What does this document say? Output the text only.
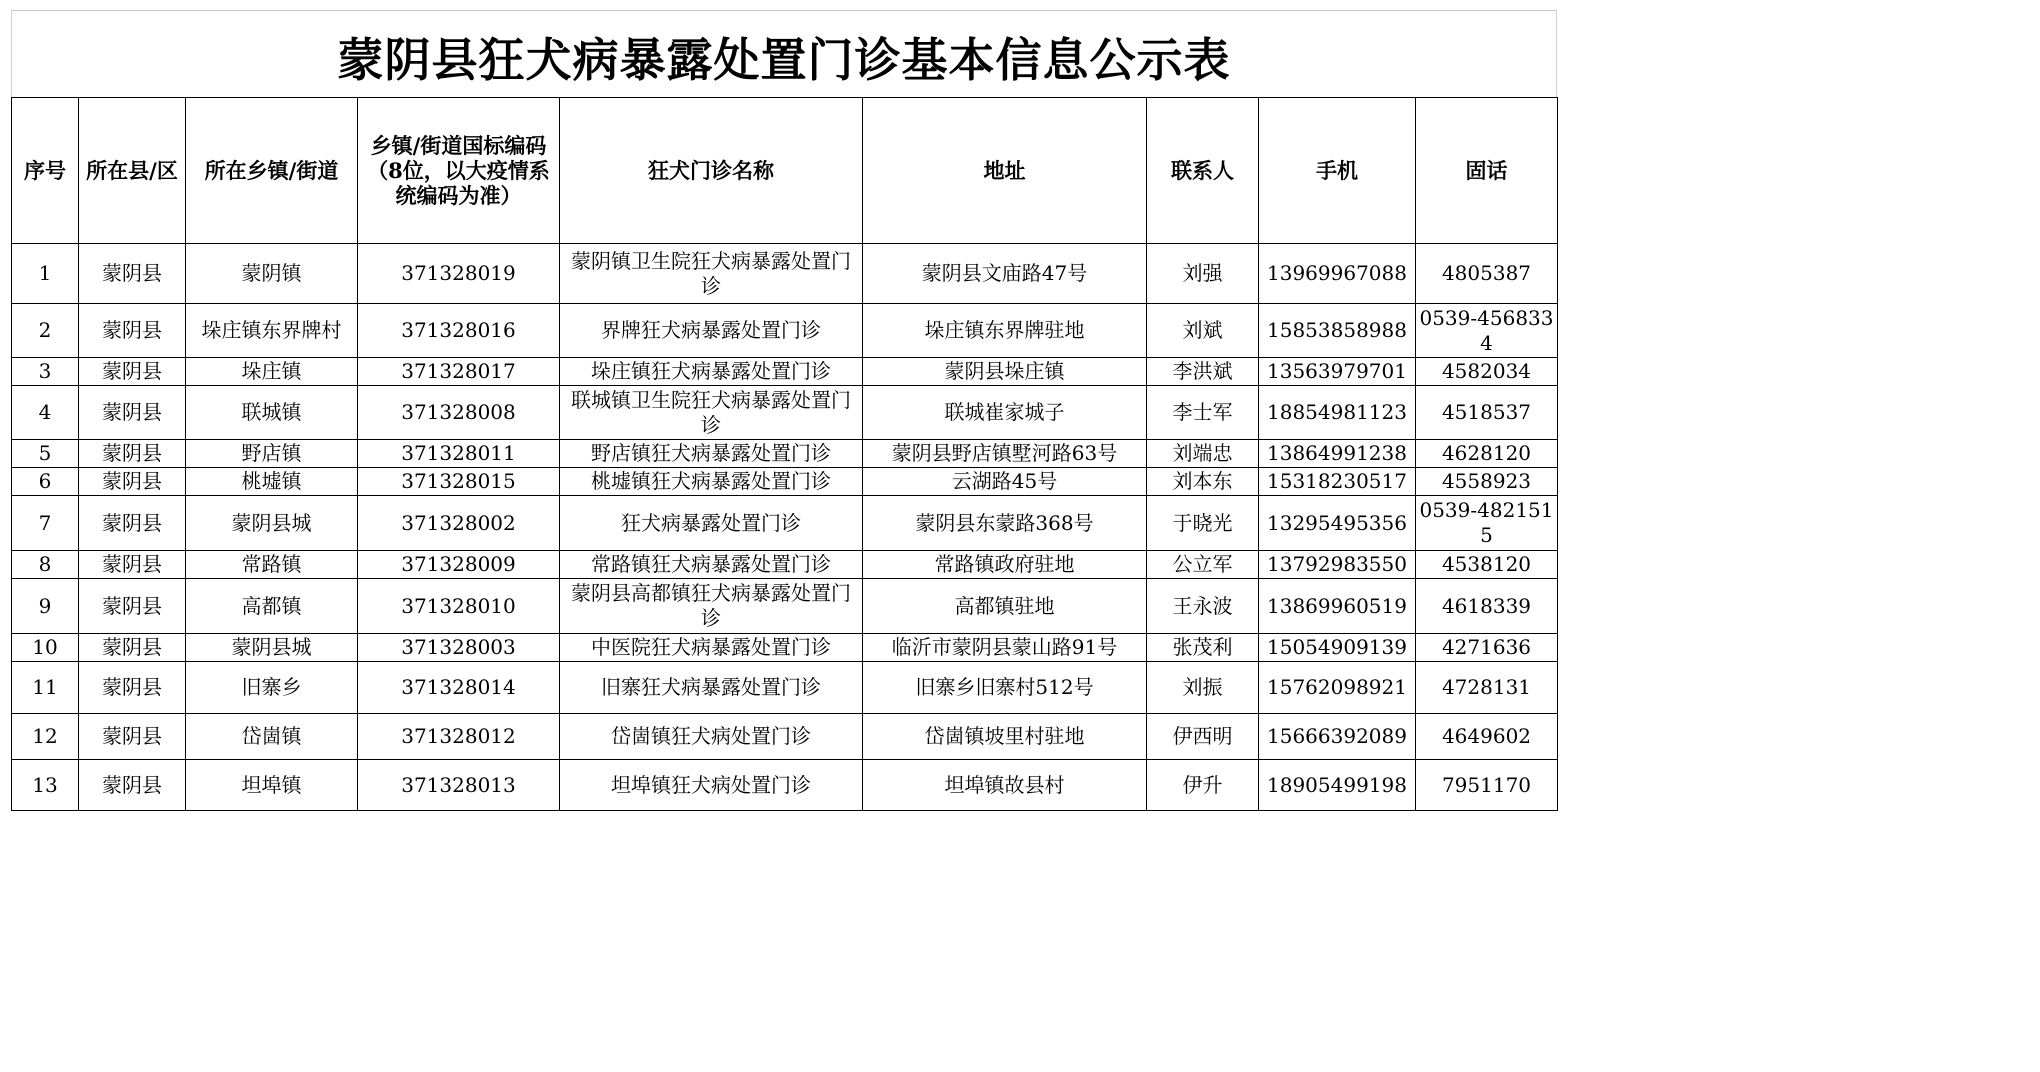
蒙阴县狂犬病暴露处置门诊基本信息公示表
序号	所在县/区	所在乡镇/街道	乡镇/街道国标编码（8位，以大疫情系统编码为准）	狂犬门诊名称	地址	联系人	手机	固话
1	蒙阴县	蒙阴镇	371328019	蒙阴镇卫生院狂犬病暴露处置门诊	蒙阴县文庙路47号	刘强	13969967088	4805387
2	蒙阴县	垛庄镇东界牌村	371328016	界牌狂犬病暴露处置门诊	垛庄镇东界牌驻地	刘斌	15853858988	0539-4568334
3	蒙阴县	垛庄镇	371328017	垛庄镇狂犬病暴露处置门诊	蒙阴县垛庄镇	李洪斌	13563979701	4582034
4	蒙阴县	联城镇	371328008	联城镇卫生院狂犬病暴露处置门诊	联城崔家城子	李士军	18854981123	4518537
5	蒙阴县	野店镇	371328011	野店镇狂犬病暴露处置门诊	蒙阴县野店镇墅河路63号	刘端忠	13864991238	4628120
6	蒙阴县	桃墟镇	371328015	桃墟镇狂犬病暴露处置门诊	云湖路45号	刘本东	15318230517	4558923
7	蒙阴县	蒙阴县城	371328002	狂犬病暴露处置门诊	蒙阴县东蒙路368号	于晓光	13295495356	0539-4821515
8	蒙阴县	常路镇	371328009	常路镇狂犬病暴露处置门诊	常路镇政府驻地	公立军	13792983550	4538120
9	蒙阴县	高都镇	371328010	蒙阴县高都镇狂犬病暴露处置门诊	高都镇驻地	王永波	13869960519	4618339
10	蒙阴县	蒙阴县城	371328003	中医院狂犬病暴露处置门诊	临沂市蒙阴县蒙山路91号	张茂利	15054909139	4271636
11	蒙阴县	旧寨乡	371328014	旧寨狂犬病暴露处置门诊	旧寨乡旧寨村512号	刘振	15762098921	4728131
12	蒙阴县	岱崮镇	371328012	岱崮镇狂犬病处置门诊	岱崮镇坡里村驻地	伊西明	15666392089	4649602
13	蒙阴县	坦埠镇	371328013	坦埠镇狂犬病处置门诊	坦埠镇故县村	伊升	18905499198	7951170
